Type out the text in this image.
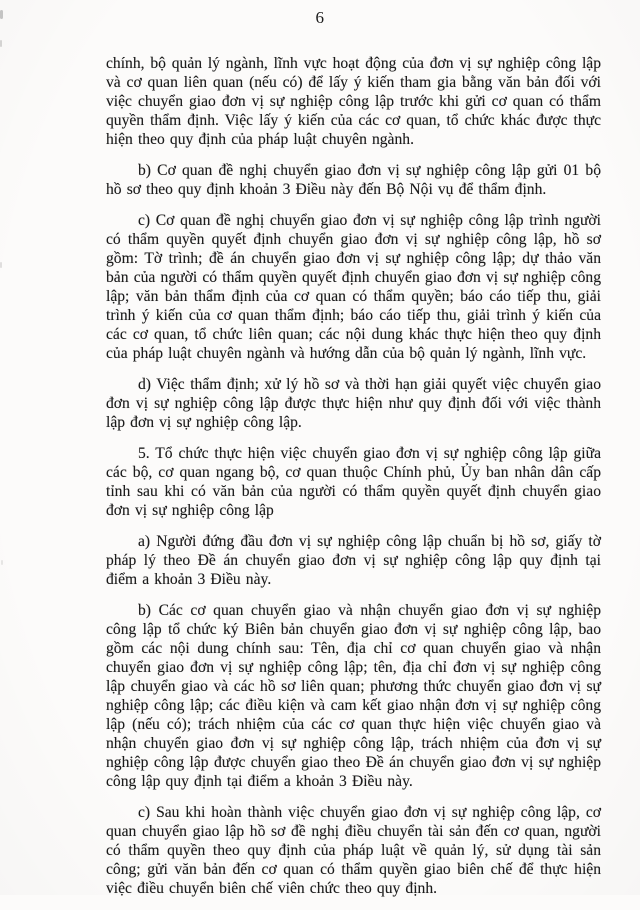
6

chính, bộ quản lý ngành, lĩnh vực hoạt động của đơn vị sự nghiệp công lập và cơ quan liên quan (nếu có) để lấy ý kiến tham gia bằng văn bản đối với việc chuyển giao đơn vị sự nghiệp công lập trước khi gửi cơ quan có thẩm quyền thẩm định. Việc lấy ý kiến của các cơ quan, tổ chức khác được thực hiện theo quy định của pháp luật chuyên ngành.

b) Cơ quan đề nghị chuyển giao đơn vị sự nghiệp công lập gửi 01 bộ hồ sơ theo quy định khoản 3 Điều này đến Bộ Nội vụ để thẩm định.

c) Cơ quan đề nghị chuyển giao đơn vị sự nghiệp công lập trình người có thẩm quyền quyết định chuyển giao đơn vị sự nghiệp công lập, hồ sơ gồm: Tờ trình; đề án chuyển giao đơn vị sự nghiệp công lập; dự thảo văn bản của người có thẩm quyền quyết định chuyển giao đơn vị sự nghiệp công lập; văn bản thẩm định của cơ quan có thẩm quyền; báo cáo tiếp thu, giải trình ý kiến của cơ quan thẩm định; báo cáo tiếp thu, giải trình ý kiến của các cơ quan, tổ chức liên quan; các nội dung khác thực hiện theo quy định của pháp luật chuyên ngành và hướng dẫn của bộ quản lý ngành, lĩnh vực.

d) Việc thẩm định; xử lý hồ sơ và thời hạn giải quyết việc chuyển giao đơn vị sự nghiệp công lập được thực hiện như quy định đối với việc thành lập đơn vị sự nghiệp công lập.

5. Tổ chức thực hiện việc chuyển giao đơn vị sự nghiệp công lập giữa các bộ, cơ quan ngang bộ, cơ quan thuộc Chính phủ, Ủy ban nhân dân cấp tỉnh sau khi có văn bản của người có thẩm quyền quyết định chuyển giao đơn vị sự nghiệp công lập

a) Người đứng đầu đơn vị sự nghiệp công lập chuẩn bị hồ sơ, giấy tờ pháp lý theo Đề án chuyển giao đơn vị sự nghiệp công lập quy định tại điểm a khoản 3 Điều này.

b) Các cơ quan chuyển giao và nhận chuyển giao đơn vị sự nghiệp công lập tổ chức ký Biên bản chuyển giao đơn vị sự nghiệp công lập, bao gồm các nội dung chính sau: Tên, địa chỉ cơ quan chuyển giao và nhận chuyển giao đơn vị sự nghiệp công lập; tên, địa chỉ đơn vị sự nghiệp công lập chuyển giao và các hồ sơ liên quan; phương thức chuyển giao đơn vị sự nghiệp công lập; các điều kiện và cam kết giao nhận đơn vị sự nghiệp công lập (nếu có); trách nhiệm của các cơ quan thực hiện việc chuyển giao và nhận chuyển giao đơn vị sự nghiệp công lập, trách nhiệm của đơn vị sự nghiệp công lập được chuyển giao theo Đề án chuyển giao đơn vị sự nghiệp công lập quy định tại điểm a khoản 3 Điều này.

c) Sau khi hoàn thành việc chuyển giao đơn vị sự nghiệp công lập, cơ quan chuyển giao lập hồ sơ đề nghị điều chuyển tài sản đến cơ quan, người có thẩm quyền theo quy định của pháp luật về quản lý, sử dụng tài sản công; gửi văn bản đến cơ quan có thẩm quyền giao biên chế để thực hiện việc điều chuyển biên chế viên chức theo quy định.
